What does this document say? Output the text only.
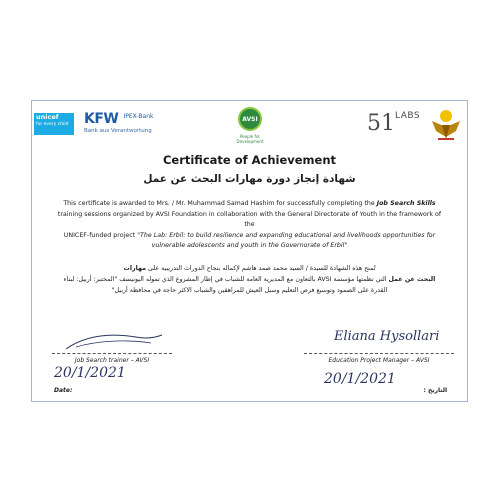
unicef
for every child	KFW IPEX-Bank
Bank aus Verantwortung
AVSI
People for Development
$51^{LABS}$
Certificate of Achievement
شهادة إنجاز دورة مهارات البحث عن عمل
This certificate is awarded to Mrs. / Mr. Muhammad Samad Hashim for successfully completing the Job Search Skills
training sessions organized by AVSI Foundation in collaboration with the General Directorate of Youth in the framework of the
UNICEF-funded project "The Lab: Erbil: to build resilience and expanding educational and livelihoods opportunities for vulnerable adolescents and youth in the Governorate of Erbil"
تُمنح هذه الشهادة للسيدة / السيد محمد صمد هاشم لإكماله بنجاح الدورات التدريبية على مهارات
البحث عن عمل التي نظمتها مؤسسة AVSI بالتعاون مع المديرية العامة للشباب في إطار المشروع الذي تموله اليونيسف "المختبر: أربيل: لبناء
القدرة على الصمود وتوسيع فرص التعليم وسبل العيش للمراهقين والشباب الاكثر حاجة في محافظة أربيل"
Job Search trainer – AVSI
Eliana Hysollari
Education Project Manager – AVSI
20/1/2021	20/1/2021
Date:	التاريخ :
